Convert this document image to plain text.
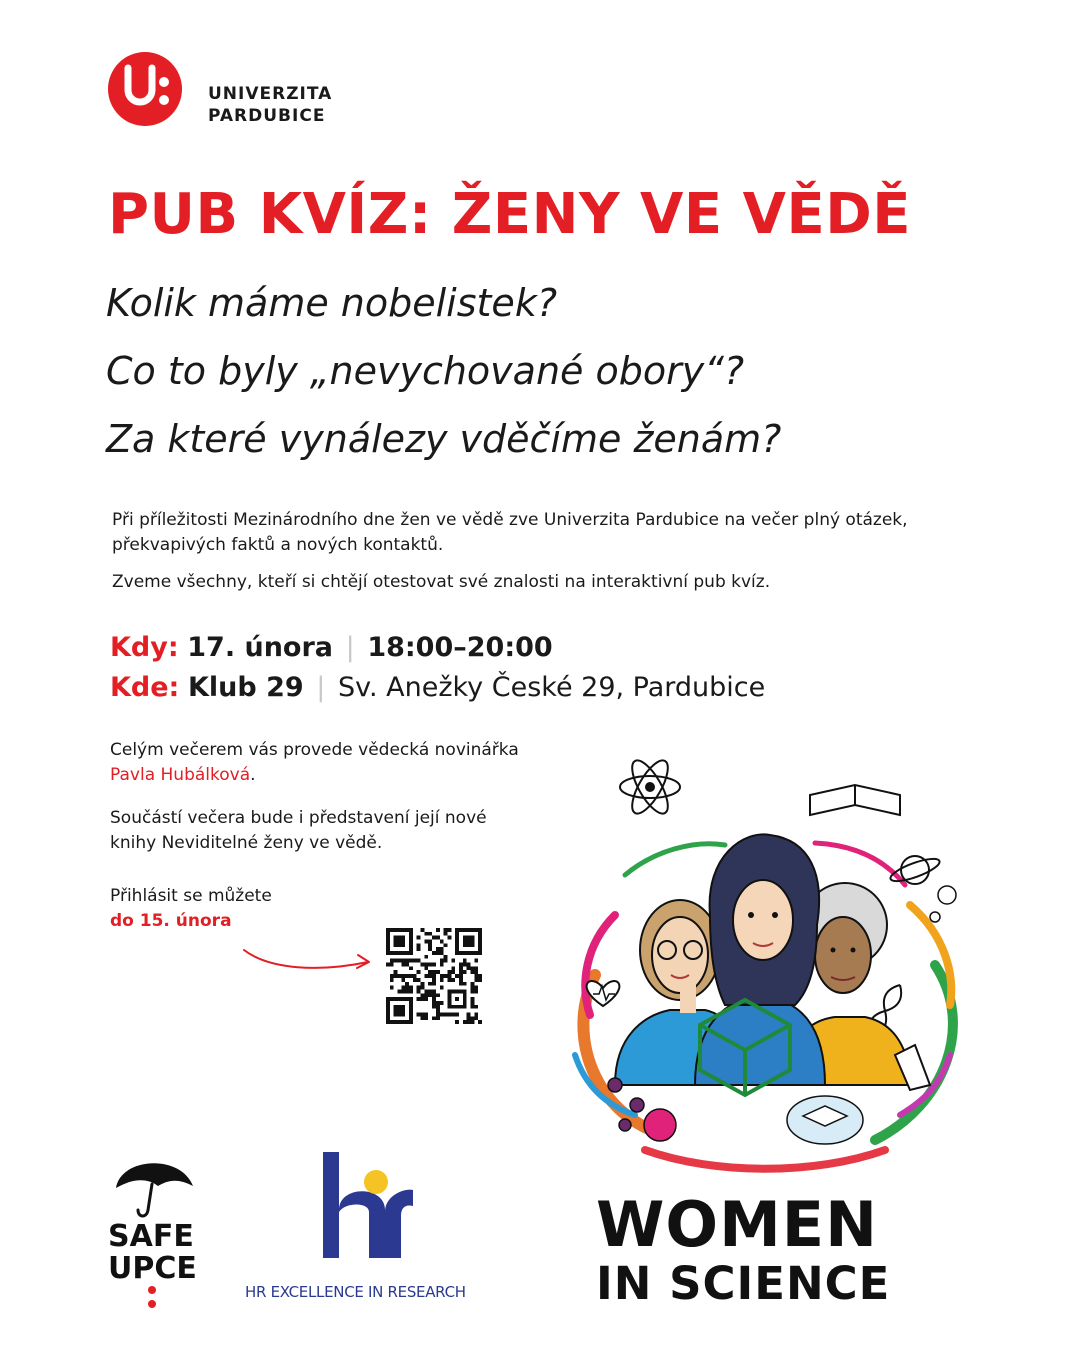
UNIVERZITA
PARDUBICE
PUB KVÍZ: ŽENY VE VĚDĚ
Kolik máme nobelistek?
Co to byly „nevychované obory“?
Za které vynálezy vděčíme ženám?
Při příležitosti Mezinárodního dne žen ve vědě zve Univerzita Pardubice na večer plný otázek, překvapivých faktů a nových kontaktů.
Zveme všechny, kteří si chtějí otestovat své znalosti na interaktivní pub kvíz.
Kdy: 17. února | 18:00–20:00
Kde: Klub 29 | Sv. Anežky České 29, Pardubice
Celým večerem vás provede vědecká novinářka Pavla Hubálková.
Součástí večera bude i představení její nové knihy Neviditelné ženy ve vědě.
Přihlásit se můžete
do 15. února
SAFE
UPCE
HR EXCELLENCE IN RESEARCH
WOMEN
IN SCIENCE
